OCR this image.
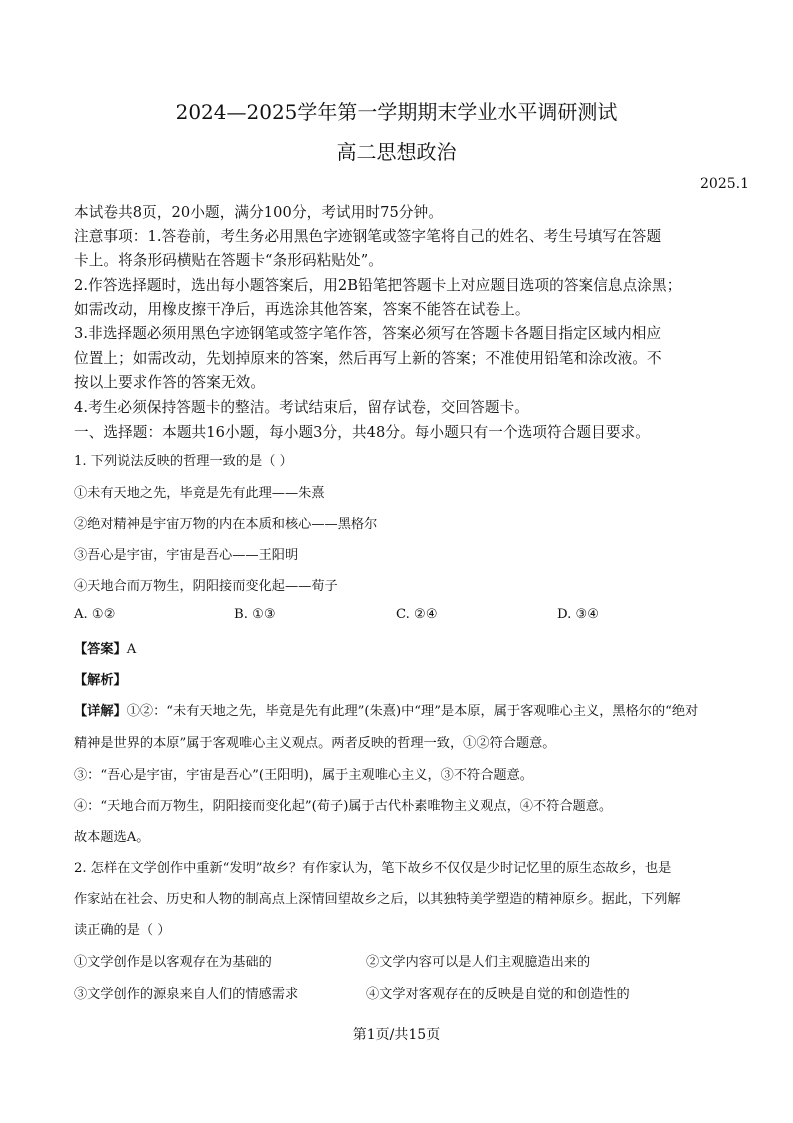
2024—2025学年第一学期期末学业水平调研测试
高二思想政治
2025.1
本试卷共8页，20小题，满分100分，考试用时75分钟。
注意事项：1.答卷前，考生务必用黑色字迹钢笔或签字笔将自己的姓名、考生号填写在答题
卡上。将条形码横贴在答题卡“条形码粘贴处”。
2.作答选择题时，选出每小题答案后，用2B铅笔把答题卡上对应题目选项的答案信息点涂黑；
如需改动，用橡皮擦干净后，再选涂其他答案，答案不能答在试卷上。
3.非选择题必须用黑色字迹钢笔或签字笔作答，答案必须写在答题卡各题目指定区域内相应
位置上；如需改动，先划掉原来的答案，然后再写上新的答案；不准使用铅笔和涂改液。不
按以上要求作答的答案无效。
4.考生必须保持答题卡的整洁。考试结束后，留存试卷，交回答题卡。
一、选择题：本题共16小题，每小题3分，共48分。每小题只有一个选项符合题目要求。
1. 下列说法反映的哲理一致的是（ ）
①未有天地之先，毕竟是先有此理——朱熹
②绝对精神是宇宙万物的内在本质和核心——黑格尔
③吾心是宇宙，宇宙是吾心——王阳明
④天地合而万物生，阴阳接而变化起——荀子
A. ①②	B. ①③	C. ②④	D. ③④
【答案】A
【解析】
【详解】①②：“未有天地之先，毕竟是先有此理”(朱熹)中“理”是本原，属于客观唯心主义，黑格尔的“绝对
精神是世界的本原”属于客观唯心主义观点。两者反映的哲理一致，①②符合题意。
③：“吾心是宇宙，宇宙是吾心”(王阳明)，属于主观唯心主义，③不符合题意。
④：“天地合而万物生，阴阳接而变化起”(荀子)属于古代朴素唯物主义观点，④不符合题意。
故本题选A。
2. 怎样在文学创作中重新“发明”故乡？有作家认为，笔下故乡不仅仅是少时记忆里的原生态故乡，也是
作家站在社会、历史和人物的制高点上深情回望故乡之后，以其独特美学塑造的精神原乡。据此，下列解
读正确的是（ ）
①文学创作是以客观存在为基础的	②文学内容可以是人们主观臆造出来的
③文学创作的源泉来自人们的情感需求	④文学对客观存在的反映是自觉的和创造性的
第1页/共15页
